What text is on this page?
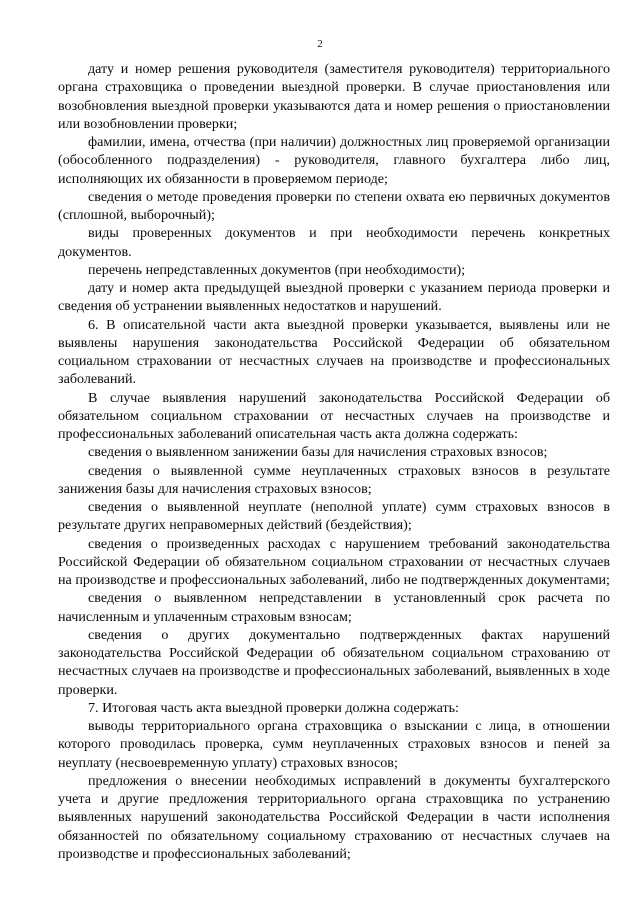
2

дату и номер решения руководителя (заместителя руководителя) территориального органа страховщика о проведении выездной проверки. В случае приостановления или возобновления выездной проверки указываются дата и номер решения о приостановлении или возобновлении проверки;

фамилии, имена, отчества (при наличии) должностных лиц проверяемой организации (обособленного подразделения) - руководителя, главного бухгалтера либо лиц, исполняющих их обязанности в проверяемом периоде;

сведения о методе проведения проверки по степени охвата ею первичных документов (сплошной, выборочный);

виды проверенных документов и при необходимости перечень конкретных документов.

перечень непредставленных документов (при необходимости);

дату и номер акта предыдущей выездной проверки с указанием периода проверки и сведения об устранении выявленных недостатков и нарушений.

6. В описательной части акта выездной проверки указывается, выявлены или не выявлены нарушения законодательства Российской Федерации об обязательном социальном страховании от несчастных случаев на производстве и профессиональных заболеваний.

В случае выявления нарушений законодательства Российской Федерации об обязательном социальном страховании от несчастных случаев на производстве и профессиональных заболеваний описательная часть акта должна содержать:

сведения о выявленном занижении базы для начисления страховых взносов;

сведения о выявленной сумме неуплаченных страховых взносов в результате занижения базы для начисления страховых взносов;

сведения о выявленной неуплате (неполной уплате) сумм страховых взносов в результате других неправомерных действий (бездействия);

сведения о произведенных расходах с нарушением требований законодательства Российской Федерации об обязательном социальном страховании от несчастных случаев на производстве и профессиональных заболеваний, либо не подтвержденных документами;

сведения о выявленном непредставлении в установленный срок расчета по начисленным и уплаченным страховым взносам;

сведения о других документально подтвержденных фактах нарушений законодательства Российской Федерации об обязательном социальном страхованию от несчастных случаев на производстве и профессиональных заболеваний, выявленных в ходе проверки.

7. Итоговая часть акта выездной проверки должна содержать:

выводы территориального органа страховщика о взыскании с лица, в отношении которого проводилась проверка, сумм неуплаченных страховых взносов и пеней за неуплату (несвоевременную уплату) страховых взносов;

предложения о внесении необходимых исправлений в документы бухгалтерского учета и другие предложения территориального органа страховщика по устранению выявленных нарушений законодательства Российской Федерации в части исполнения обязанностей по обязательному социальному страхованию от несчастных случаев на производстве и профессиональных заболеваний;
